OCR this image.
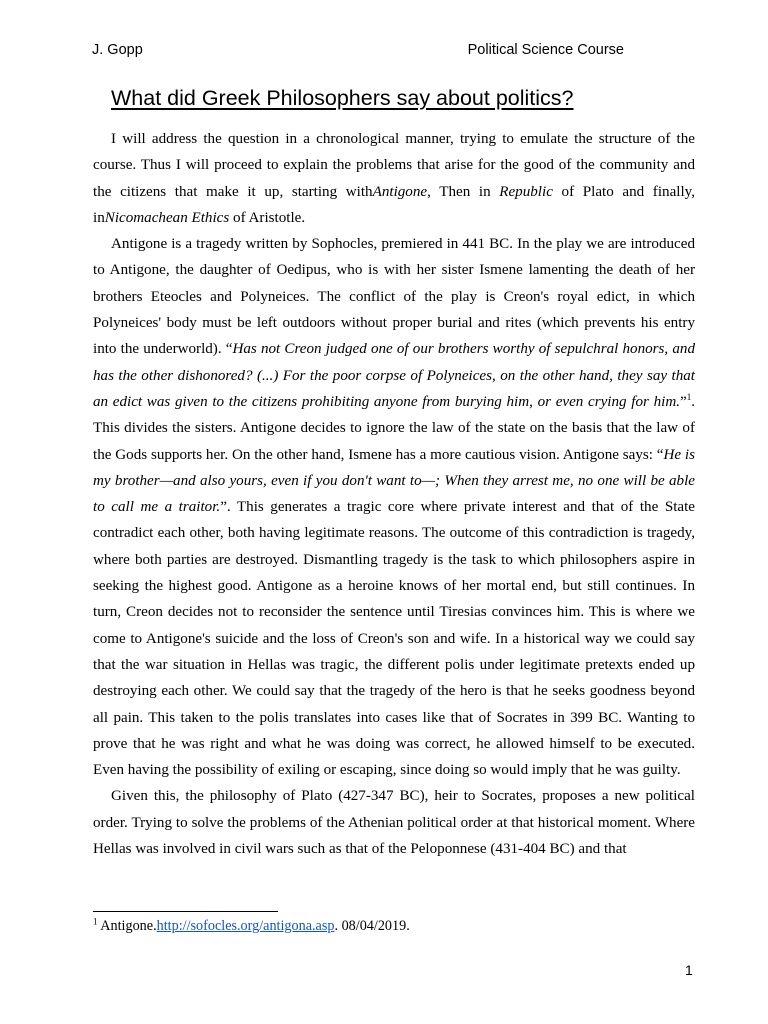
J. Gopp	Political Science Course
What did Greek Philosophers say about politics?

I will address the question in a chronological manner, trying to emulate the structure of the course. Thus I will proceed to explain the problems that arise for the good of the community and the citizens that make it up, starting withAntigone, Then in Republic of Plato and finally, inNicomachean Ethics of Aristotle.

Antigone is a tragedy written by Sophocles, premiered in 441 BC. In the play we are introduced to Antigone, the daughter of Oedipus, who is with her sister Ismene lamenting the death of her brothers Eteocles and Polyneices. The conflict of the play is Creon's royal edict, in which Polyneices' body must be left outdoors without proper burial and rites (which prevents his entry into the underworld). “Has not Creon judged one of our brothers worthy of sepulchral honors, and has the other dishonored? (...) For the poor corpse of Polyneices, on the other hand, they say that an edict was given to the citizens prohibiting anyone from burying him, or even crying for him.”$^1$. This divides the sisters. Antigone decides to ignore the law of the state on the basis that the law of the Gods supports her. On the other hand, Ismene has a more cautious vision. Antigone says: “He is my brother—and also yours, even if you don't want to—; When they arrest me, no one will be able to call me a traitor.”. This generates a tragic core where private interest and that of the State contradict each other, both having legitimate reasons. The outcome of this contradiction is tragedy, where both parties are destroyed. Dismantling tragedy is the task to which philosophers aspire in seeking the highest good. Antigone as a heroine knows of her mortal end, but still continues. In turn, Creon decides not to reconsider the sentence until Tiresias convinces him. This is where we come to Antigone's suicide and the loss of Creon's son and wife. In a historical way we could say that the war situation in Hellas was tragic, the different polis under legitimate pretexts ended up destroying each other. We could say that the tragedy of the hero is that he seeks goodness beyond all pain. This taken to the polis translates into cases like that of Socrates in 399 BC. Wanting to prove that he was right and what he was doing was correct, he allowed himself to be executed. Even having the possibility of exiling or escaping, since doing so would imply that he was guilty.

Given this, the philosophy of Plato (427-347 BC), heir to Socrates, proposes a new political order. Trying to solve the problems of the Athenian political order at that historical moment. Where Hellas was involved in civil wars such as that of the Peloponnese (431-404 BC) and that

$^1$ Antigone.http://sofocles.org/antigona.asp. 08/04/2019.
1
